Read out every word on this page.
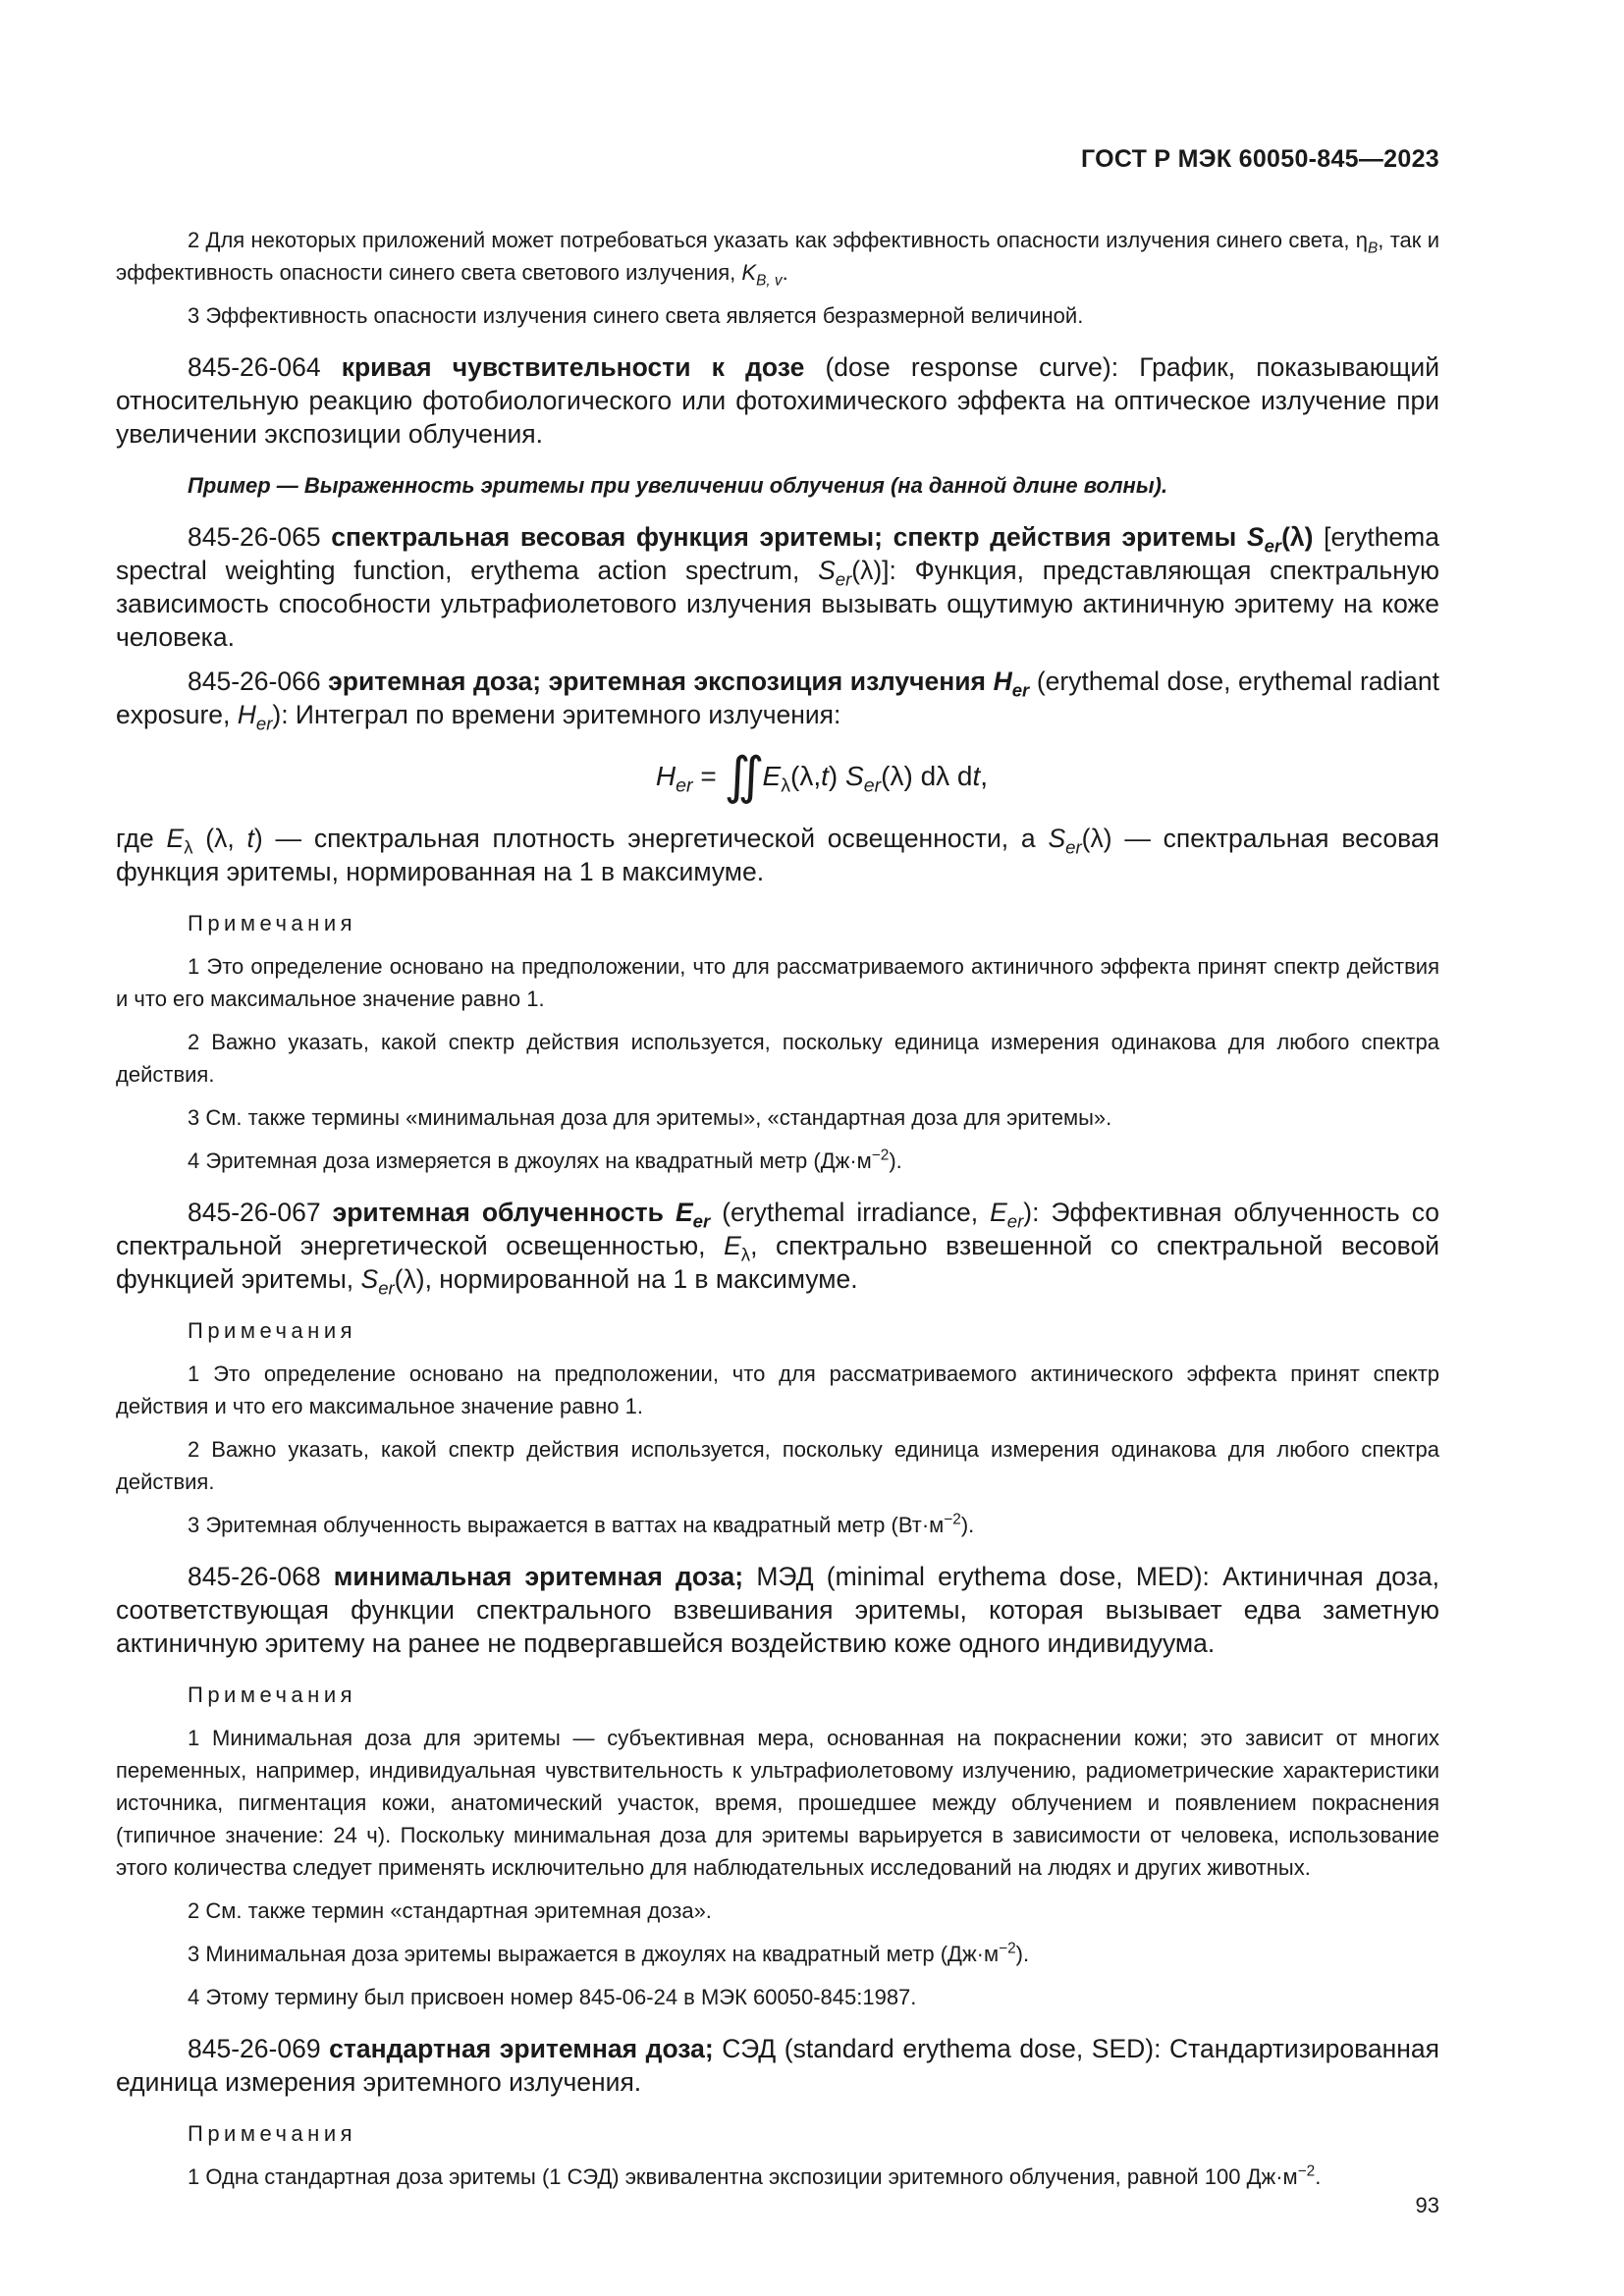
ГОСТ Р МЭК 60050-845—2023

2 Для некоторых приложений может потребоваться указать как эффективность опасности излучения синего света, $\eta_B$, так и эффективность опасности синего света светового излучения, $K_{B, v}$.

3 Эффективность опасности излучения синего света является безразмерной величиной.

845-26-064 кривая чувствительности к дозе (dose response curve): График, показывающий относительную реакцию фотобиологического или фотохимического эффекта на оптическое излучение при увеличении экспозиции облучения.

Пример — Выраженность эритемы при увеличении облучения (на данной длине волны).

845-26-065 спектральная весовая функция эритемы; спектр действия эритемы $S_{er}(\lambda)$ [erythema spectral weighting function, erythema action spectrum, $S_{er}(\lambda)$]: Функция, представляющая спектральную зависимость способности ультрафиолетового излучения вызывать ощутимую актиничную эритему на коже человека.

845-26-066 эритемная доза; эритемная экспозиция излучения $H_{er}$ (erythemal dose, erythemal radiant exposure, $H_{er}$): Интеграл по времени эритемного излучения:

$H_{er}$ = ∬ $E_\lambda(\lambda,t)$ $S_{er}(\lambda)$ dλ dt,

где $E_\lambda$ (λ, t) — спектральная плотность энергетической освещенности, а $S_{er}(\lambda)$ — спектральная весовая функция эритемы, нормированная на 1 в максимуме.

Примечания

1 Это определение основано на предположении, что для рассматриваемого актиничного эффекта принят спектр действия и что его максимальное значение равно 1.

2 Важно указать, какой спектр действия используется, поскольку единица измерения одинакова для любого спектра действия.

3 См. также термины «минимальная доза для эритемы», «стандартная доза для эритемы».

4 Эритемная доза измеряется в джоулях на квадратный метр $(Дж\cdot м^{-2})$.

845-26-067 эритемная облученность $E_{er}$ (erythemal irradiance, $E_{er}$): Эффективная облученность со спектральной энергетической освещенностью, $E_\lambda$, спектрально взвешенной со спектральной весовой функцией эритемы, $S_{er}(\lambda)$, нормированной на 1 в максимуме.

Примечания

1 Это определение основано на предположении, что для рассматриваемого актинического эффекта принят спектр действия и что его максимальное значение равно 1.

2 Важно указать, какой спектр действия используется, поскольку единица измерения одинакова для любого спектра действия.

3 Эритемная облученность выражается в ваттах на квадратный метр $(Вт\cdot м^{-2})$.

845-26-068 минимальная эритемная доза; МЭД (minimal erythema dose, MED): Актиничная доза, соответствующая функции спектрального взвешивания эритемы, которая вызывает едва заметную актиничную эритему на ранее не подвергавшейся воздействию коже одного индивидуума.

Примечания

1 Минимальная доза для эритемы — субъективная мера, основанная на покраснении кожи; это зависит от многих переменных, например, индивидуальная чувствительность к ультрафиолетовому излучению, радиометрические характеристики источника, пигментация кожи, анатомический участок, время, прошедшее между облучением и появлением покраснения (типичное значение: 24 ч). Поскольку минимальная доза для эритемы варьируется в зависимости от человека, использование этого количества следует применять исключительно для наблюдательных исследований на людях и других животных.

2 См. также термин «стандартная эритемная доза».

3 Минимальная доза эритемы выражается в джоулях на квадратный метр $(Дж\cdot м^{-2})$.

4 Этому термину был присвоен номер 845-06-24 в МЭК 60050-845:1987.

845-26-069 стандартная эритемная доза; СЭД (standard erythema dose, SED): Стандартизированная единица измерения эритемного излучения.

Примечания

1 Одна стандартная доза эритемы (1 СЭД) эквивалентна экспозиции эритемного облучения, равной 100 $Дж\cdot м^{-2}$.

93
